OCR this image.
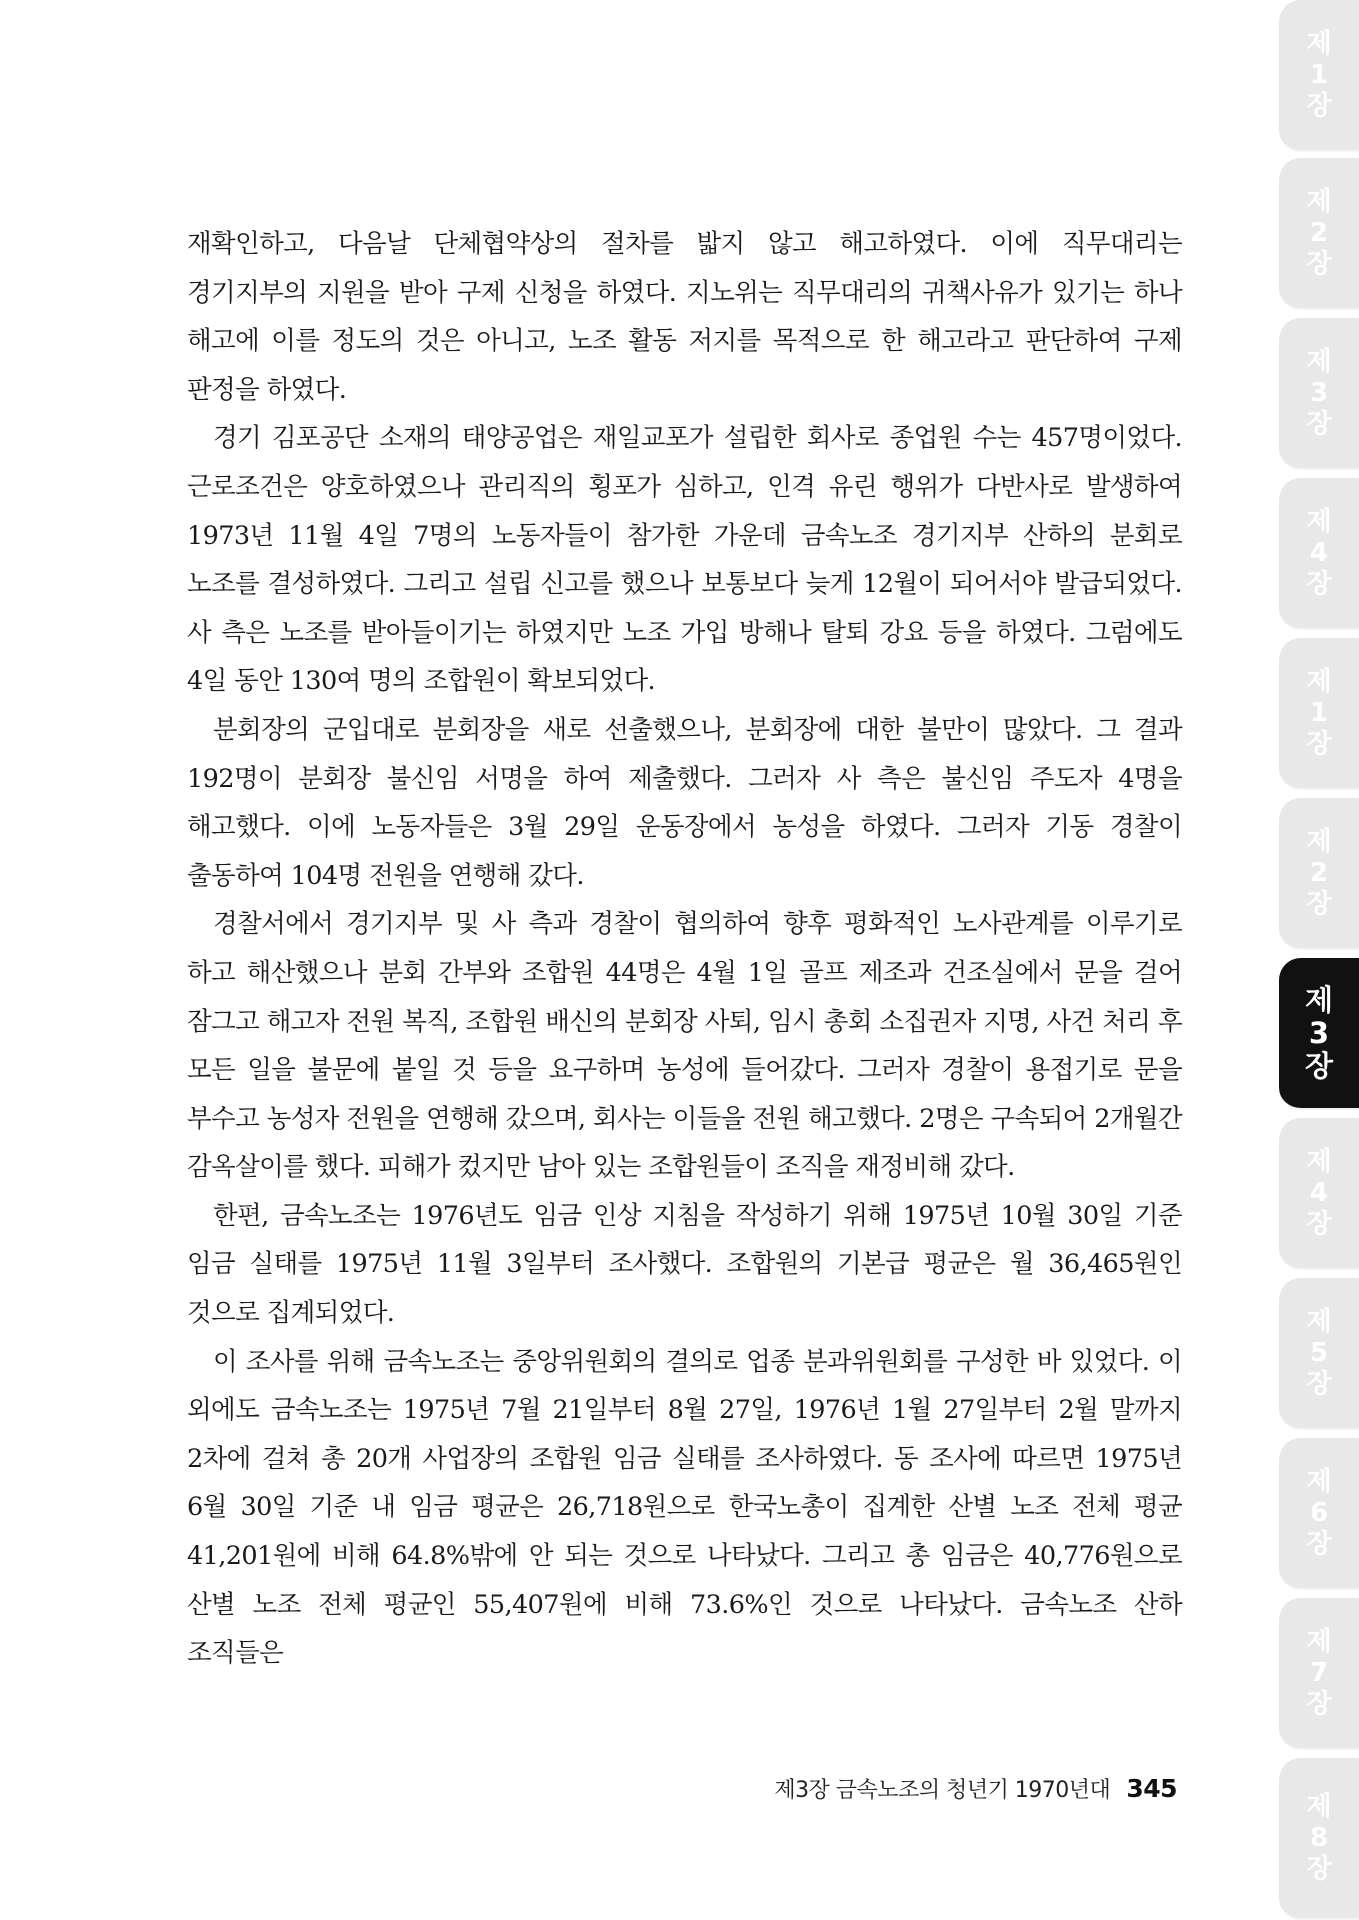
재확인하고, 다음날 단체협약상의 절차를 밟지 않고 해고하였다. 이에 직무대리는 경기지부의 지원을 받아 구제 신청을 하였다. 지노위는 직무대리의 귀책사유가 있기는 하나 해고에 이를 정도의 것은 아니고, 노조 활동 저지를 목적으로 한 해고라고 판단하여 구제 판정을 하였다.

경기 김포공단 소재의 태양공업은 재일교포가 설립한 회사로 종업원 수는 457명이었다. 근로조건은 양호하였으나 관리직의 횡포가 심하고, 인격 유린 행위가 다반사로 발생하여 1973년 11월 4일 7명의 노동자들이 참가한 가운데 금속노조 경기지부 산하의 분회로 노조를 결성하였다. 그리고 설립 신고를 했으나 보통보다 늦게 12월이 되어서야 발급되었다. 사 측은 노조를 받아들이기는 하였지만 노조 가입 방해나 탈퇴 강요 등을 하였다. 그럼에도 4일 동안 130여 명의 조합원이 확보되었다.

분회장의 군입대로 분회장을 새로 선출했으나, 분회장에 대한 불만이 많았다. 그 결과 192명이 분회장 불신임 서명을 하여 제출했다. 그러자 사 측은 불신임 주도자 4명을 해고했다. 이에 노동자들은 3월 29일 운동장에서 농성을 하였다. 그러자 기동 경찰이 출동하여 104명 전원을 연행해 갔다.

경찰서에서 경기지부 및 사 측과 경찰이 협의하여 향후 평화적인 노사관계를 이루기로 하고 해산했으나 분회 간부와 조합원 44명은 4월 1일 골프 제조과 건조실에서 문을 걸어 잠그고 해고자 전원 복직, 조합원 배신의 분회장 사퇴, 임시 총회 소집권자 지명, 사건 처리 후 모든 일을 불문에 붙일 것 등을 요구하며 농성에 들어갔다. 그러자 경찰이 용접기로 문을 부수고 농성자 전원을 연행해 갔으며, 회사는 이들을 전원 해고했다. 2명은 구속되어 2개월간 감옥살이를 했다. 피해가 컸지만 남아 있는 조합원들이 조직을 재정비해 갔다.

한편, 금속노조는 1976년도 임금 인상 지침을 작성하기 위해 1975년 10월 30일 기준 임금 실태를 1975년 11월 3일부터 조사했다. 조합원의 기본급 평균은 월 36,465원인 것으로 집계되었다.

이 조사를 위해 금속노조는 중앙위원회의 결의로 업종 분과위원회를 구성한 바 있었다. 이 외에도 금속노조는 1975년 7월 21일부터 8월 27일, 1976년 1월 27일부터 2월 말까지 2차에 걸쳐 총 20개 사업장의 조합원 임금 실태를 조사하였다. 동 조사에 따르면 1975년 6월 30일 기준 내 임금 평균은 26,718원으로 한국노총이 집계한 산별 노조 전체 평균 41,201원에 비해 64.8%밖에 안 되는 것으로 나타났다. 그리고 총 임금은 40,776원으로 산별 노조 전체 평균인 55,407원에 비해 73.6%인 것으로 나타났다. 금속노조 산하 조직들은

제3장 금속노조의 청년기 1970년대 345
제
1
장
제
2
장
제
3
장
제
4
장
제
1
장
제
2
장
제
3
장
제
4
장
제
5
장
제
6
장
제
7
장
제
8
장
